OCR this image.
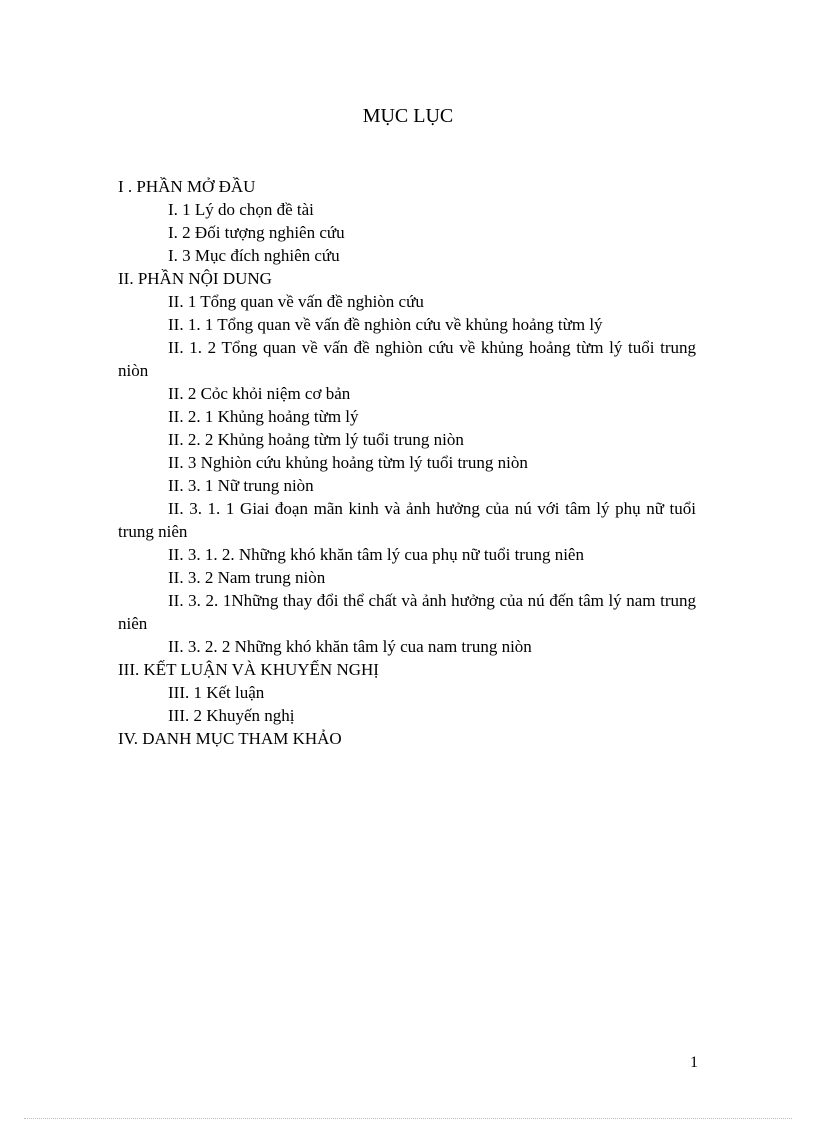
MỤC LỤC
I . PHẦN MỞ ĐẦU
I. 1 Lý do chọn đề tài
I. 2 Đối tượng nghiên cứu
I. 3 Mục đích nghiên cứu
II. PHẦN NỘI DUNG
II. 1 Tổng quan về vấn đề nghiòn cứu
II. 1. 1 Tổng quan về vấn đề nghiòn cứu về khủng hoảng từm lý
II. 1. 2 Tổng quan về vấn đề nghiòn cứu về khủng hoảng từm lý tuổi trung niòn
II. 2 Cỏc khỏi niệm cơ bản
II. 2. 1 Khủng hoảng từm lý
II. 2. 2 Khủng hoảng từm lý tuổi trung niòn
II. 3 Nghiòn cứu khủng hoảng từm lý tuổi trung niòn
II. 3. 1 Nữ trung niòn
II. 3. 1. 1 Giai đoạn mãn kinh và ảnh hưởng của nú với tâm lý phụ nữ tuổi trung niên
II. 3. 1. 2. Những khó khăn tâm lý cua phụ nữ tuổi trung niên
II. 3. 2 Nam trung niòn
II. 3. 2. 1Những thay đổi thể chất và ảnh hưởng của nú đến tâm lý nam trung niên
II. 3. 2. 2 Những khó khăn tâm lý cua nam trung niòn
III. KẾT LUẬN VÀ KHUYẾN NGHỊ
III. 1 Kết luận
III. 2 Khuyến nghị
IV. DANH MỤC THAM KHẢO
1
